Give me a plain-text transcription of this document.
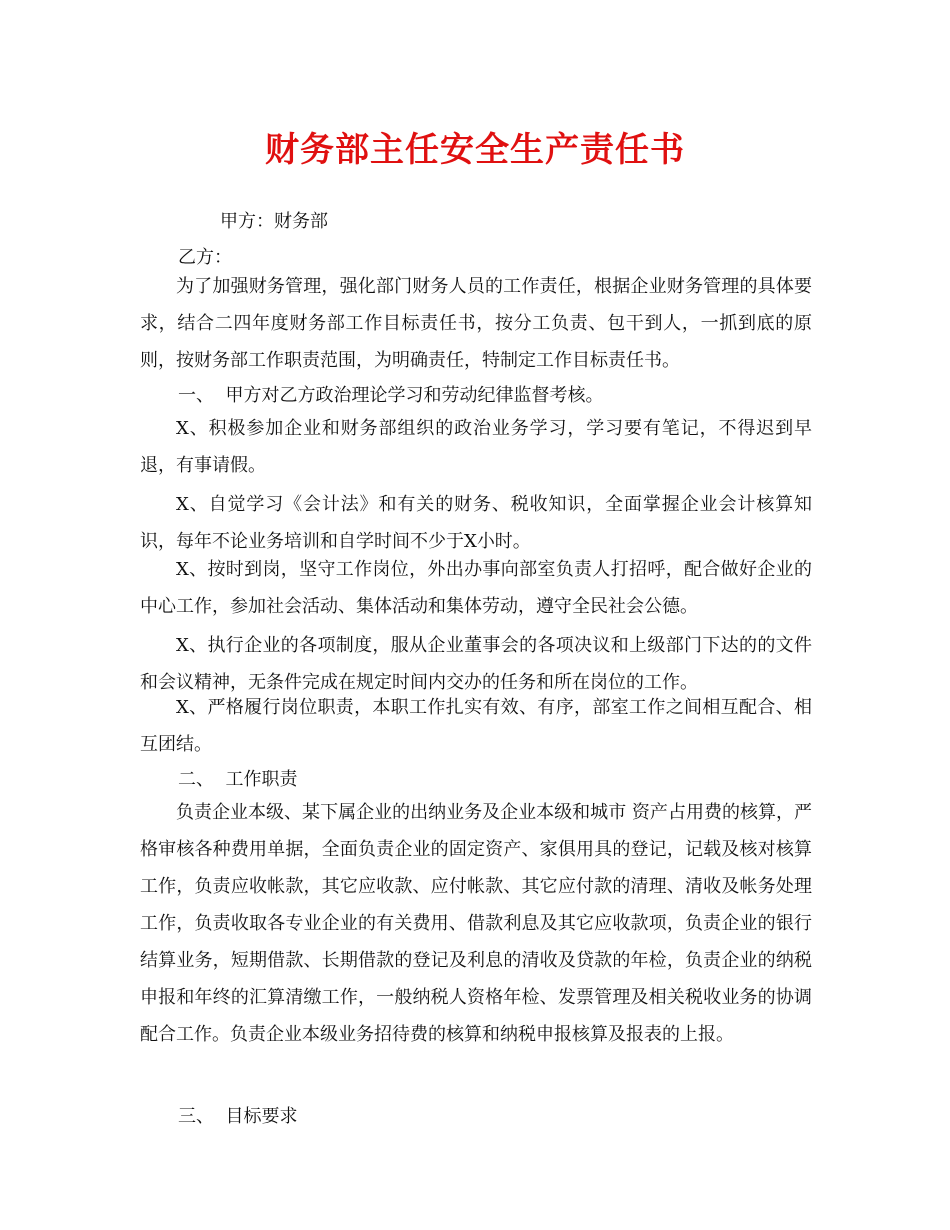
财务部主任安全生产责任书
甲方：财务部
乙方：
为了加强财务管理，强化部门财务人员的工作责任，根据企业财务管理的具体要求，结合二四年度财务部工作目标责任书，按分工负责、包干到人，一抓到底的原则，按财务部工作职责范围，为明确责任，特制定工作目标责任书。
一、  甲方对乙方政治理论学习和劳动纪律监督考核。
X、积极参加企业和财务部组织的政治业务学习，学习要有笔记，不得迟到早退，有事请假。
X、自觉学习《会计法》和有关的财务、税收知识，全面掌握企业会计核算知识，每年不论业务培训和自学时间不少于X小时。
X、按时到岗，坚守工作岗位，外出办事向部室负责人打招呼，配合做好企业的中心工作，参加社会活动、集体活动和集体劳动，遵守全民社会公德。
X、执行企业的各项制度，服从企业董事会的各项决议和上级部门下达的的文件和会议精神，无条件完成在规定时间内交办的任务和所在岗位的工作。
X、严格履行岗位职责，本职工作扎实有效、有序，部室工作之间相互配合、相互团结。
二、  工作职责
负责企业本级、某下属企业的出纳业务及企业本级和城市 资产占用费的核算，严格审核各种费用单据，全面负责企业的固定资产、家俱用具的登记，记载及核对核算工作，负责应收帐款，其它应收款、应付帐款、其它应付款的清理、清收及帐务处理工作，负责收取各专业企业的有关费用、借款利息及其它应收款项，负责企业的银行结算业务，短期借款、长期借款的登记及利息的清收及贷款的年检，负责企业的纳税申报和年终的汇算清缴工作，一般纳税人资格年检、发票管理及相关税收业务的协调配合工作。负责企业本级业务招待费的核算和纳税申报核算及报表的上报。
三、  目标要求
